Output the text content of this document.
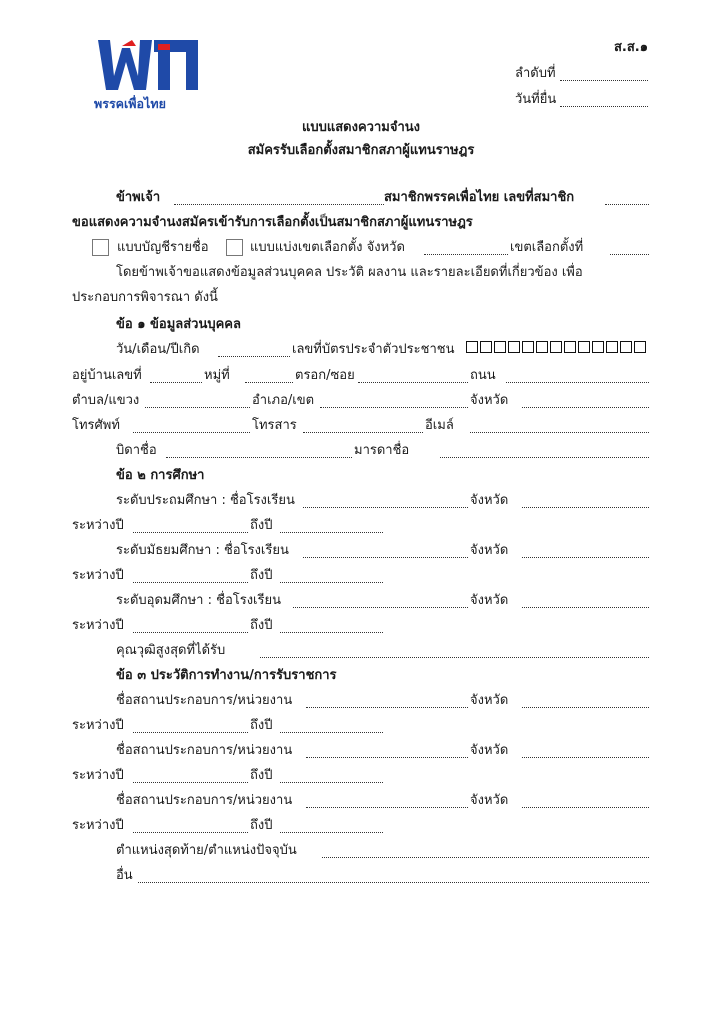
พรรคเพื่อไทย
ส.ส.๑
ลำดับที่
วันที่ยื่น
แบบแสดงความจำนง
สมัครรับเลือกตั้งสมาชิกสภาผู้แทนราษฎร
ข้าพเจ้า	สมาชิกพรรคเพื่อไทย เลขที่สมาชิก
ขอแสดงความจำนงสมัครเข้ารับการเลือกตั้งเป็นสมาชิกสภาผู้แทนราษฎร
แบบบัญชีรายชื่อ	แบบแบ่งเขตเลือกตั้ง จังหวัด	เขตเลือกตั้งที่
โดยข้าพเจ้าขอแสดงข้อมูลส่วนบุคคล ประวัติ ผลงาน และรายละเอียดที่เกี่ยวข้อง เพื่อ
ประกอบการพิจารณา ดังนี้
ข้อ ๑ ข้อมูลส่วนบุคคล
วัน/เดือน/ปีเกิด	เลขที่บัตรประจำตัวประชาชน
อยู่บ้านเลขที่	หมู่ที่	ตรอก/ซอย	ถนน
ตำบล/แขวง	อำเภอ/เขต	จังหวัด
โทรศัพท์	โทรสาร	อีเมล์
บิดาชื่อ	มารดาชื่อ
ข้อ ๒ การศึกษา
ระดับประถมศึกษา : ชื่อโรงเรียน	จังหวัด
ระหว่างปี	ถึงปี
ระดับมัธยมศึกษา : ชื่อโรงเรียน	จังหวัด
ระหว่างปี	ถึงปี
ระดับอุดมศึกษา : ชื่อโรงเรียน	จังหวัด
ระหว่างปี	ถึงปี
คุณวุฒิสูงสุดที่ได้รับ
ข้อ ๓ ประวัติการทำงาน/การรับราชการ
ชื่อสถานประกอบการ/หน่วยงาน	จังหวัด
ระหว่างปี	ถึงปี
ชื่อสถานประกอบการ/หน่วยงาน	จังหวัด
ระหว่างปี	ถึงปี
ชื่อสถานประกอบการ/หน่วยงาน	จังหวัด
ระหว่างปี	ถึงปี
ตำแหน่งสุดท้าย/ตำแหน่งปัจจุบัน
อื่น
